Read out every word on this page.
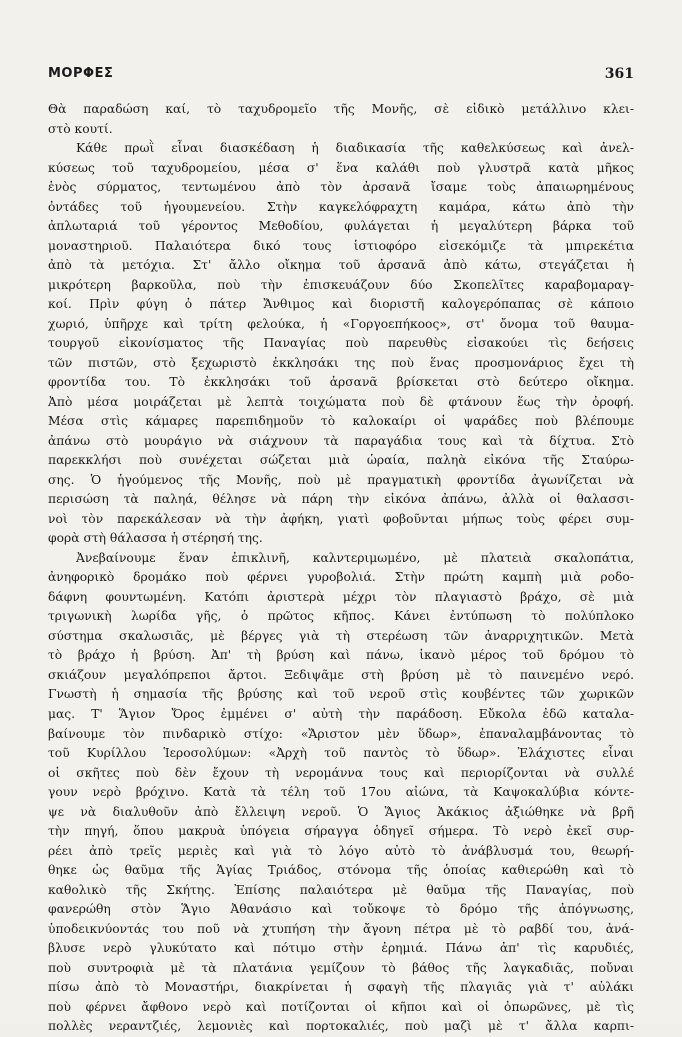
ΜΟΡΦΕΣ	361
Θὰ παραδώση καί, τὸ ταχυδρομεῖο τῆς Μονῆς, σὲ εἰδικὸ μετάλλινο κλει-
στὸ κουτί.
Κάθε πρωῒ εἶναι διασκέδαση ἡ διαδικασία τῆς καθελκύσεως καὶ ἀνελ-
κύσεως τοῦ ταχυδρομείου, μέσα σ' ἕνα καλάθι ποὺ γλυστρᾶ κατὰ μῆκος
ἑνὸς σύρματος, τεντωμένου ἀπὸ τὸν ἀρσανᾶ ἴσαμε τοὺς ἀπαιωρημένους
ὀντάδες τοῦ ἡγουμενείου. Στὴν καγκελόφραχτη καμάρα, κάτω ἀπὸ τὴν
ἀπλωταριά τοῦ γέροντος Μεθοδίου, φυλάγεται ἡ μεγαλύτερη βάρκα τοῦ
μοναστηριοῦ. Παλαιότερα δικό τους ἱστιοφόρο εἰσεκόμιζε τὰ μπιρεκέτια
ἀπὸ τὰ μετόχια. Στ' ἄλλο οἴκημα τοῦ ἀρσανᾶ ἀπὸ κάτω, στεγάζεται ἡ
μικρότερη βαρκοῦλα, ποὺ τὴν ἐπισκευάζουν δύο Σκοπελῖτες καραβομαραγ-
κοί. Πρὶν φύγη ὁ πάτερ Ἄνθιμος καὶ διοριστῆ καλογερόπαπας σὲ κάποιο
χωριό, ὑπῆρχε καὶ τρίτη φελούκα, ἡ «Γοργοεπήκοος», στ' ὄνομα τοῦ θαυμα-
τουργοῦ εἰκονίσματος τῆς Παναγίας ποὺ παρευθὺς εἰσακούει τὶς δεήσεις
τῶν πιστῶν, στὸ ξεχωριστὸ ἐκκλησάκι της ποὺ ἕνας προσμονάριος ἔχει τὴ
φροντίδα του. Τὸ ἐκκλησάκι τοῦ ἀρσανᾶ βρίσκεται στὸ δεύτερο οἴκημα.
Ἀπὸ μέσα μοιράζεται μὲ λεπτὰ τοιχώματα ποὺ δὲ φτάνουν ἕως τὴν ὀροφή.
Μέσα στὶς κάμαρες παρεπιδημοῦν τὸ καλοκαίρι οἱ ψαράδες ποὺ βλέπουμε
ἀπάνω στὸ μουράγιο νὰ σιάχνουν τὰ παραγάδια τους καὶ τὰ δίχτυα. Στὸ
παρεκκλήσι ποὺ συνέχεται σώζεται μιὰ ὡραία, παληὰ εἰκόνα τῆς Σταύρω-
σης. Ὁ ἡγούμενος τῆς Μονῆς, ποὺ μὲ πραγματικὴ φροντίδα ἀγωνίζεται νὰ
περισώση τὰ παληά, θέλησε νὰ πάρη τὴν εἰκόνα ἀπάνω, ἀλλὰ οἱ θαλασσι-
νοὶ τὸν παρεκάλεσαν νὰ τὴν ἀφήκη, γιατὶ φοβοῦνται μήπως τοὺς φέρει συμ-
φορὰ στὴ θάλασσα ἡ στέρησή της.
Ἀνεβαίνουμε ἕναν ἐπικλινῆ, καλντεριμωμένο, μὲ πλατειὰ σκαλοπάτια,
ἀνηφορικὸ δρομάκο ποὺ φέρνει γυροβολιά. Στὴν πρώτη καμπὴ μιὰ ροδο-
δάφνη φουντωμένη. Κατόπι ἀριστερὰ μέχρι τὸν πλαγιαστὸ βράχο, σὲ μιὰ
τριγωνικὴ λωρίδα γῆς, ὁ πρῶτος κῆπος. Κάνει ἐντύπωση τὸ πολύπλοκο
σύστημα σκαλωσιᾶς, μὲ βέργες γιὰ τὴ στερέωση τῶν ἀναρριχητικῶν. Μετὰ
τὸ βράχο ἡ βρύση. Ἀπ' τὴ βρύση καὶ πάνω, ἱκανὸ μέρος τοῦ δρόμου τὸ
σκιάζουν μεγαλόπρεποι ἄρτοι. Ξεδιψᾶμε στὴ βρύση μὲ τὸ παινεμένο νερό.
Γνωστὴ ἡ σημασία τῆς βρύσης καὶ τοῦ νεροῦ στὶς κουβέντες τῶν χωρικῶν
μας. Τ' Ἅγιον Ὄρος ἐμμένει σ' αὐτὴ τὴν παράδοση. Εὔκολα ἐδῶ καταλα-
βαίνουμε τὸν πινδαρικὸ στίχο: «Ἄριστον μὲν ὕδωρ», ἐπαναλαμβάνοντας τὸ
τοῦ Κυρίλλου Ἱεροσολύμων: «Ἀρχὴ τοῦ παντὸς τὸ ὕδωρ». Ἐλάχιστες εἶναι
οἱ σκῆτες ποὺ δὲν ἔχουν τὴ νερομάννα τους καὶ περιορίζονται νὰ συλλέ
γουν νερὸ βρόχινο. Κατὰ τὰ τέλη τοῦ 17ου αἰώνα, τὰ Καψοκαλύβια κόντε-
ψε νὰ διαλυθοῦν ἀπὸ ἔλλειψη νεροῦ. Ὁ Ἅγιος Ἀκάκιος ἀξιώθηκε νὰ βρῆ
τὴν πηγή, ὅπου μακρυὰ ὑπόγεια σήραγγα ὁδηγεῖ σήμερα. Τὸ νερὸ ἐκεῖ συρ-
ρέει ἀπὸ τρεῖς μεριὲς καὶ γιὰ τὸ λόγο αὐτὸ τὸ ἀνάβλυσμά του, θεωρή-
θηκε ὡς θαῦμα τῆς Ἁγίας Τριάδος, στόνομα τῆς ὁποίας καθιερώθη καὶ τὸ
καθολικὸ τῆς Σκήτης. Ἐπίσης παλαιότερα μὲ θαῦμα τῆς Παναγίας, ποὺ
φανερώθη στὸν Ἅγιο Ἀθανάσιο καὶ τοὔκοψε τὸ δρόμο τῆς ἀπόγνωσης,
ὑποδεικνύοντάς του ποῦ νὰ χτυπήση τὴν ἄγονη πέτρα μὲ τὸ ραβδί του, ἀνά-
βλυσε νερὸ γλυκύτατο καὶ πότιμο στὴν ἐρημιά. Πάνω ἀπ' τὶς καρυδιές,
ποὺ συντροφιὰ μὲ τὰ πλατάνια γεμίζουν τὸ βάθος τῆς λαγκαδιᾶς, ποὔναι
πίσω ἀπὸ τὸ Μοναστήρι, διακρίνεται ἡ σφαγὴ τῆς πλαγιᾶς γιὰ τ' αὐλάκι
ποὺ φέρνει ἄφθονο νερὸ καὶ ποτίζονται οἱ κῆποι καὶ οἱ ὀπωρῶνες, μὲ τὶς
πολλὲς νεραντζιές, λεμονιὲς καὶ πορτοκαλιές, ποὺ μαζὶ μὲ τ' ἄλλα καρπι-
